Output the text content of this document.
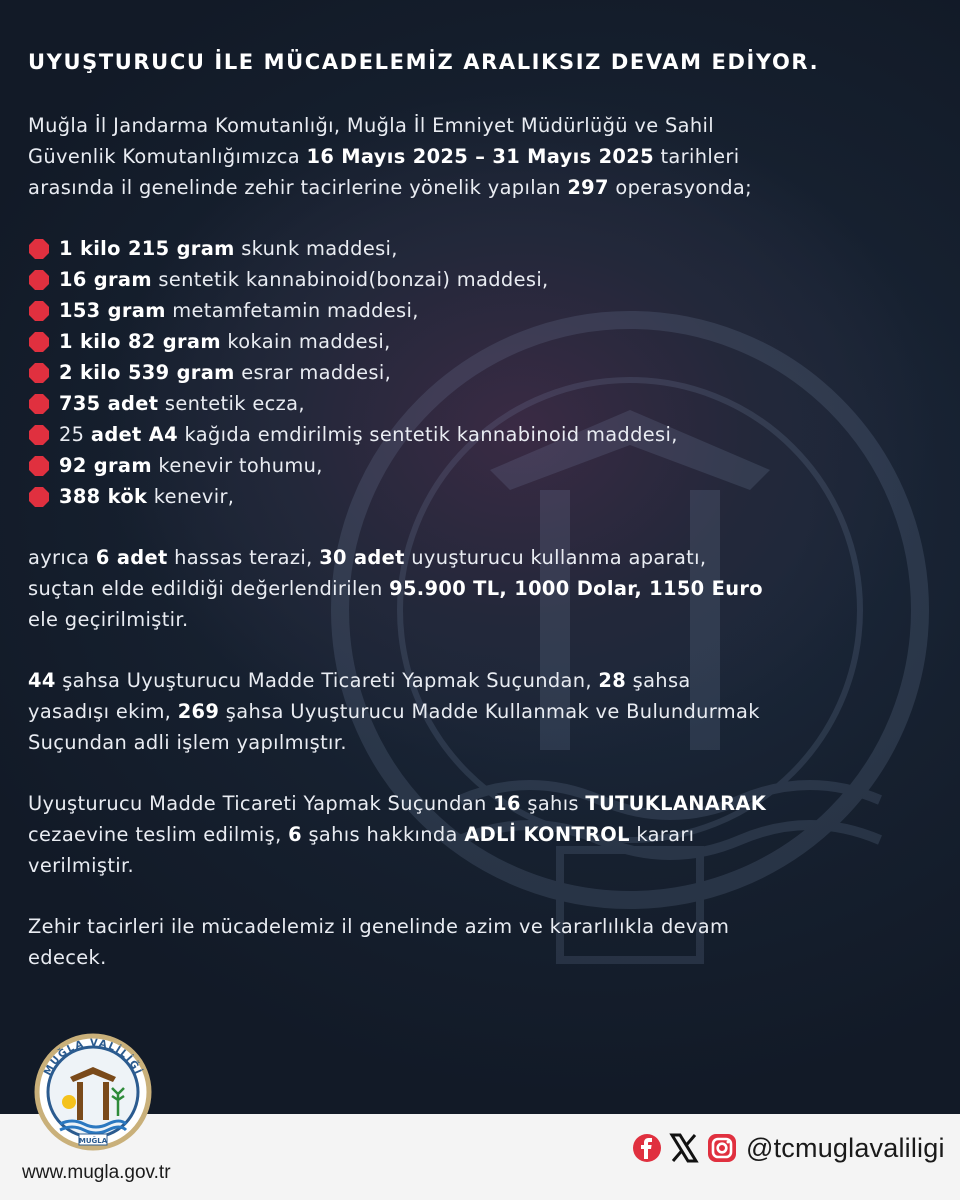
UYUŞTURUCU İLE MÜCADELEMİZ ARALIKSIZ DEVAM EDİYOR.
Muğla İl Jandarma Komutanlığı, Muğla İl Emniyet Müdürlüğü ve Sahil
Güvenlik Komutanlığımızca 16 Mayıs 2025 – 31 Mayıs 2025 tarihleri
arasında il genelinde zehir tacirlerine yönelik yapılan 297 operasyonda;
1 kilo 215 gram skunk maddesi,
16 gram sentetik kannabinoid(bonzai) maddesi,
153 gram metamfetamin maddesi,
1 kilo 82 gram kokain maddesi,
2 kilo 539 gram esrar maddesi,
735 adet sentetik ecza,
25 adet A4 kağıda emdirilmiş sentetik kannabinoid maddesi,
92 gram kenevir tohumu,
388 kök kenevir,
ayrıca 6 adet hassas terazi, 30 adet uyuşturucu kullanma aparatı,
suçtan elde edildiği değerlendirilen 95.900 TL, 1000 Dolar, 1150 Euro
ele geçirilmiştir.
44 şahsa Uyuşturucu Madde Ticareti Yapmak Suçundan, 28 şahsa
yasadışı ekim, 269 şahsa Uyuşturucu Madde Kullanmak ve Bulundurmak
Suçundan adli işlem yapılmıştır.
Uyuşturucu Madde Ticareti Yapmak Suçundan 16 şahıs TUTUKLANARAK
cezaevine teslim edilmiş, 6 şahıs hakkında ADLİ KONTROL kararı
verilmiştir.
Zehir tacirleri ile mücadelemiz il genelinde azim ve kararlılıkla devam
edecek.
MUĞLA VALİLİĞİ
MUĞLA
www.mugla.gov.tr
@tcmuglavaliligi
